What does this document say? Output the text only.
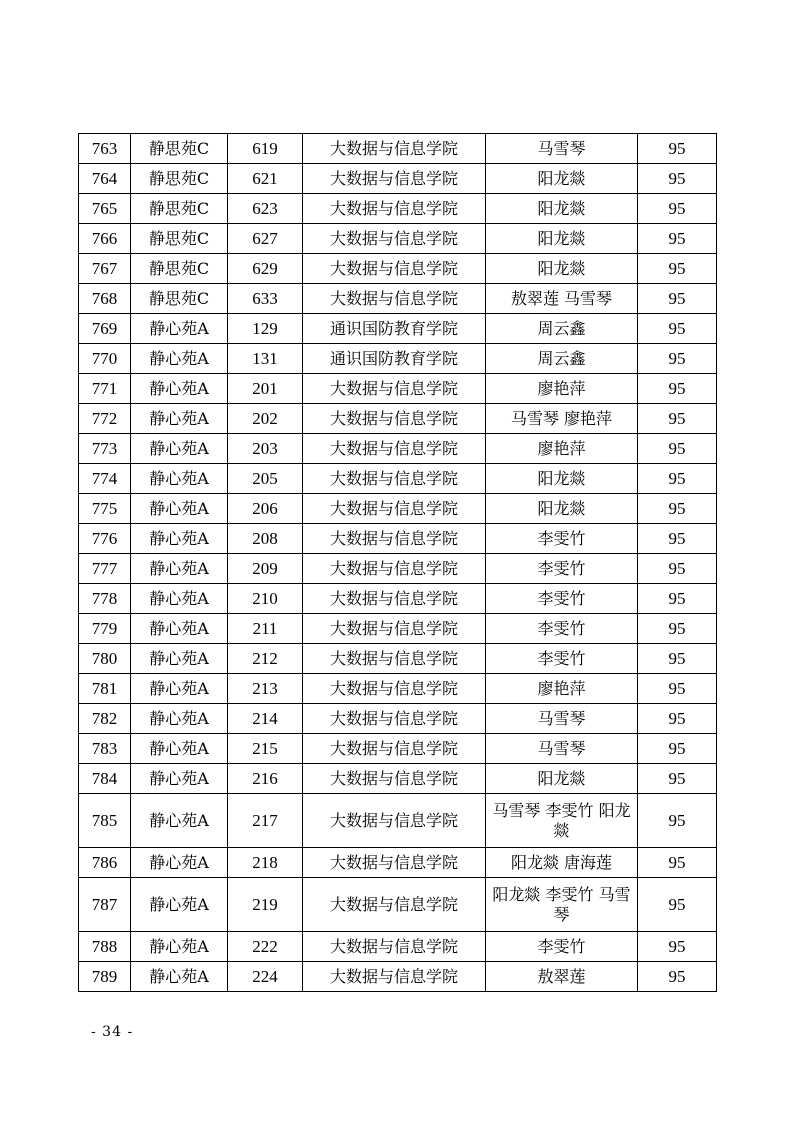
763	静思苑C	619	大数据与信息学院	马雪琴	95
764	静思苑C	621	大数据与信息学院	阳龙燚	95
765	静思苑C	623	大数据与信息学院	阳龙燚	95
766	静思苑C	627	大数据与信息学院	阳龙燚	95
767	静思苑C	629	大数据与信息学院	阳龙燚	95
768	静思苑C	633	大数据与信息学院	敖翠莲 马雪琴	95
769	静心苑A	129	通识国防教育学院	周云鑫	95
770	静心苑A	131	通识国防教育学院	周云鑫	95
771	静心苑A	201	大数据与信息学院	廖艳萍	95
772	静心苑A	202	大数据与信息学院	马雪琴 廖艳萍	95
773	静心苑A	203	大数据与信息学院	廖艳萍	95
774	静心苑A	205	大数据与信息学院	阳龙燚	95
775	静心苑A	206	大数据与信息学院	阳龙燚	95
776	静心苑A	208	大数据与信息学院	李雯竹	95
777	静心苑A	209	大数据与信息学院	李雯竹	95
778	静心苑A	210	大数据与信息学院	李雯竹	95
779	静心苑A	211	大数据与信息学院	李雯竹	95
780	静心苑A	212	大数据与信息学院	李雯竹	95
781	静心苑A	213	大数据与信息学院	廖艳萍	95
782	静心苑A	214	大数据与信息学院	马雪琴	95
783	静心苑A	215	大数据与信息学院	马雪琴	95
784	静心苑A	216	大数据与信息学院	阳龙燚	95
785	静心苑A	217	大数据与信息学院	马雪琴 李雯竹 阳龙燚	95
786	静心苑A	218	大数据与信息学院	阳龙燚 唐海莲	95
787	静心苑A	219	大数据与信息学院	阳龙燚 李雯竹 马雪琴	95
788	静心苑A	222	大数据与信息学院	李雯竹	95
789	静心苑A	224	大数据与信息学院	敖翠莲	95
- 34 -
